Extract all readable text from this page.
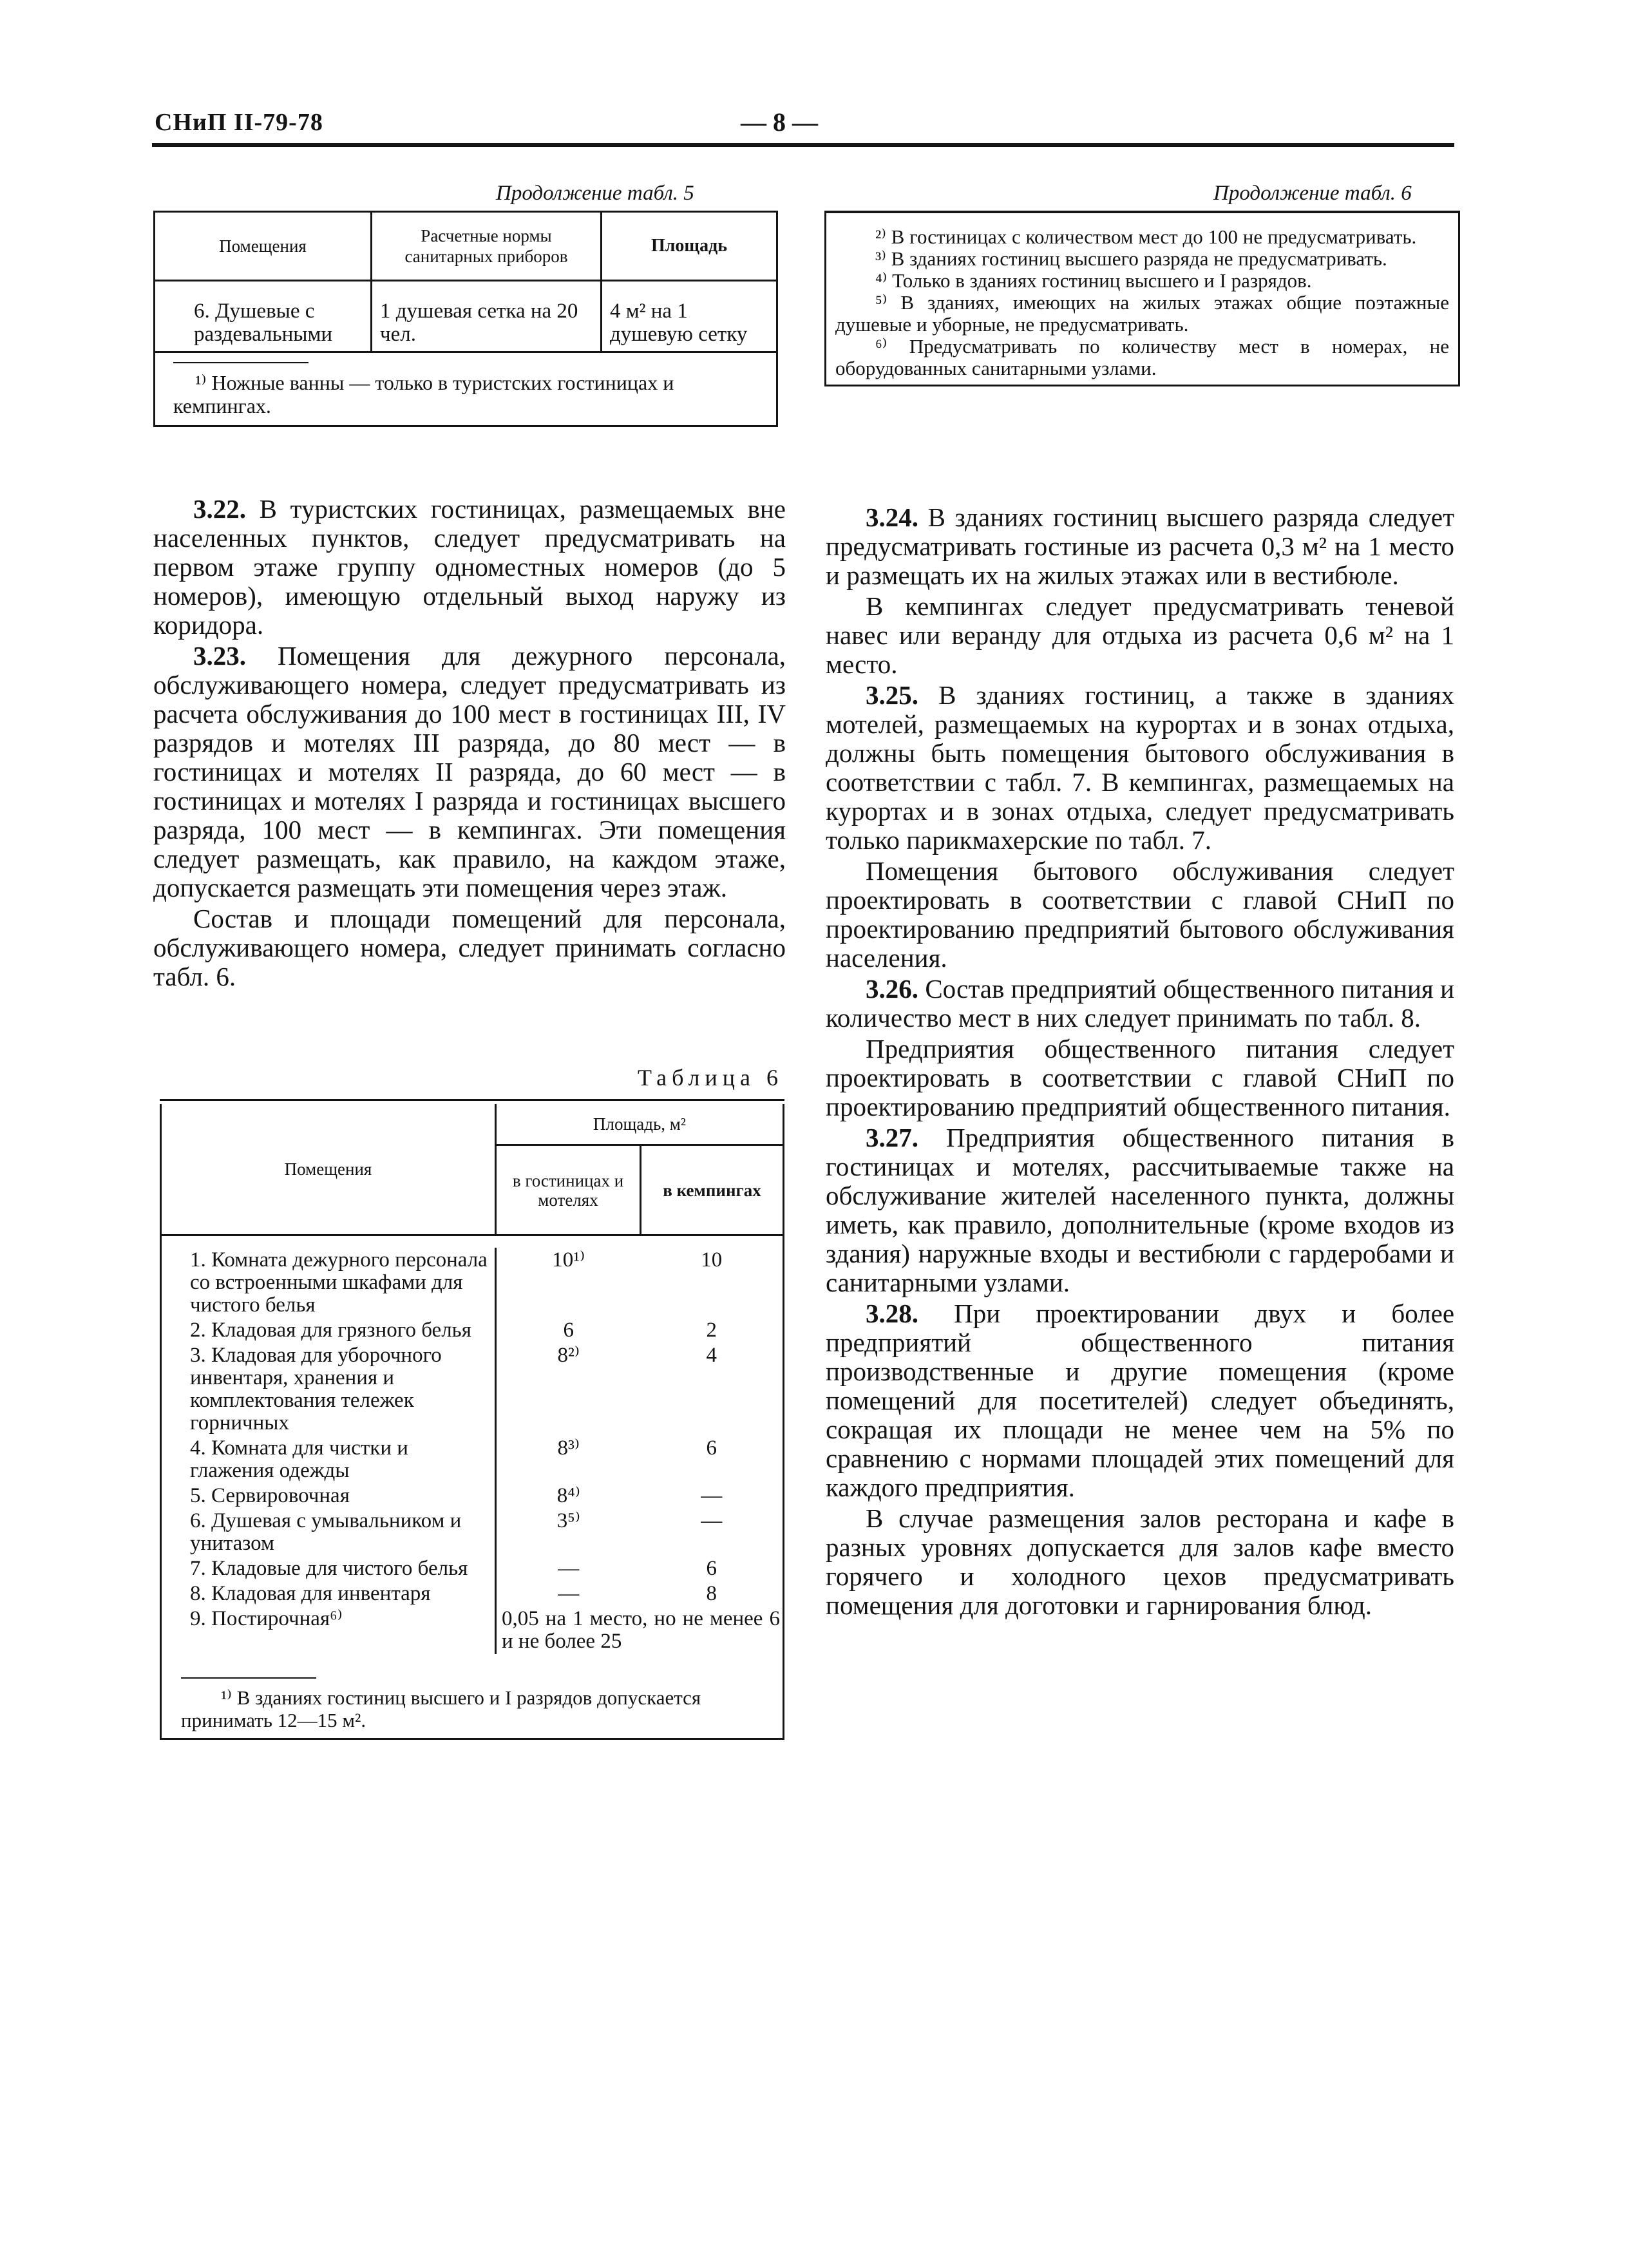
СНиП II-79-78	— 8 —
Продолжение табл. 5
Помещения	Расчетные нормы санитарных приборов	Площадь
6. Душевые с раздевальными	1 душевая сетка на 20 чел.	4 м² на 1 душевую сетку

¹⁾ Ножные ванны — только в туристских гостиницах и кемпингах.		
Продолжение табл. 6

²⁾ В гостиницах с количеством мест до 100 не предусматривать.

³⁾ В зданиях гостиниц высшего разряда не предусматривать.

⁴⁾ Только в зданиях гостиниц высшего и I разрядов.

⁵⁾ В зданиях, имеющих на жилых этажах общие поэтажные душевые и уборные, не предусматривать.

⁶⁾ Предусматривать по количеству мест в номерах, не оборудованных санитарными узлами.

3.22. В туристских гостиницах, размещаемых вне населенных пунктов, следует предусматривать на первом этаже группу одноместных номеров (до 5 номеров), имеющую отдельный выход наружу из коридора.

3.23. Помещения для дежурного персонала, обслуживающего номера, следует предусматривать из расчета обслуживания до 100 мест в гостиницах III, IV разрядов и мотелях III разряда, до 80 мест — в гостиницах и мотелях II разряда, до 60 мест — в гостиницах и мотелях I разряда и гостиницах высшего разряда, 100 мест — в кемпингах. Эти помещения следует размещать, как правило, на каждом этаже, допускается размещать эти помещения через этаж.

Состав и площади помещений для персонала, обслуживающего номера, следует принимать согласно табл. 6.

Таблица 6
Помещения	Площадь, м²	
	в гостиницах и мотелях	в кемпингах

1. Комната дежурного персонала со встроенными шкафами для чистого белья	10¹⁾	10
2. Кладовая для грязного белья	6	2
3. Кладовая для уборочного инвентаря, хранения и комплектования тележек горничных	8²⁾	4
4. Комната для чистки и глажения одежды	8³⁾	6
5. Сервировочная	8⁴⁾	—
6. Душевая с умывальником и унитазом	3⁵⁾	—
7. Кладовые для чистого белья	—	6
8. Кладовая для инвентаря	—	8
9. Постирочная⁶⁾	0,05 на 1 место, но не менее 6 и не более 25	

¹⁾ В зданиях гостиниц высшего и I разрядов допускается принимать 12—15 м².		

3.24. В зданиях гостиниц высшего разряда следует предусматривать гостиные из расчета 0,3 м² на 1 место и размещать их на жилых этажах или в вестибюле.

В кемпингах следует предусматривать теневой навес или веранду для отдыха из расчета 0,6 м² на 1 место.

3.25. В зданиях гостиниц, а также в зданиях мотелей, размещаемых на курортах и в зонах отдыха, должны быть помещения бытового обслуживания в соответствии с табл. 7. В кемпингах, размещаемых на курортах и в зонах отдыха, следует предусматривать только парикмахерские по табл. 7.

Помещения бытового обслуживания следует проектировать в соответствии с главой СНиП по проектированию предприятий бытового обслуживания населения.

3.26. Состав предприятий общественного питания и количество мест в них следует принимать по табл. 8.

Предприятия общественного питания следует проектировать в соответствии с главой СНиП по проектированию предприятий общественного питания.

3.27. Предприятия общественного питания в гостиницах и мотелях, рассчитываемые также на обслуживание жителей населенного пункта, должны иметь, как правило, дополнительные (кроме входов из здания) наружные входы и вестибюли с гардеробами и санитарными узлами.

3.28. При проектировании двух и более предприятий общественного питания производственные и другие помещения (кроме помещений для посетителей) следует объединять, сокращая их площади не менее чем на 5% по сравнению с нормами площадей этих помещений для каждого предприятия.

В случае размещения залов ресторана и кафе в разных уровнях допускается для залов кафе вместо горячего и холодного цехов предусматривать помещения для доготовки и гарнирования блюд.
